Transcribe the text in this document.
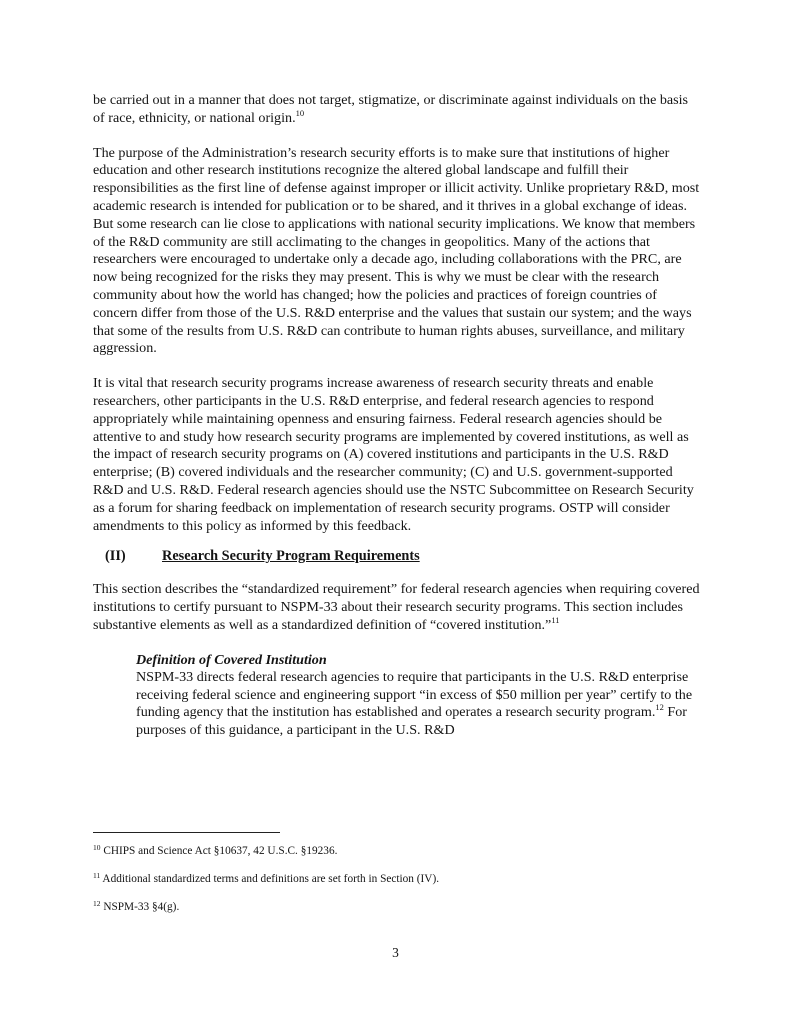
be carried out in a manner that does not target, stigmatize, or discriminate against individuals on the basis of race, ethnicity, or national origin.$^{10}$

The purpose of the Administration’s research security efforts is to make sure that institutions of higher education and other research institutions recognize the altered global landscape and fulfill their responsibilities as the first line of defense against improper or illicit activity. Unlike proprietary R&D, most academic research is intended for publication or to be shared, and it thrives in a global exchange of ideas. But some research can lie close to applications with national security implications. We know that members of the R&D community are still acclimating to the changes in geopolitics. Many of the actions that researchers were encouraged to undertake only a decade ago, including collaborations with the PRC, are now being recognized for the risks they may present. This is why we must be clear with the research community about how the world has changed; how the policies and practices of foreign countries of concern differ from those of the U.S. R&D enterprise and the values that sustain our system; and the ways that some of the results from U.S. R&D can contribute to human rights abuses, surveillance, and military aggression.

It is vital that research security programs increase awareness of research security threats and enable researchers, other participants in the U.S. R&D enterprise, and federal research agencies to respond appropriately while maintaining openness and ensuring fairness. Federal research agencies should be attentive to and study how research security programs are implemented by covered institutions, as well as the impact of research security programs on (A) covered institutions and participants in the U.S. R&D enterprise; (B) covered individuals and the researcher community; (C) and U.S. government-supported R&D and U.S. R&D. Federal research agencies should use the NSTC Subcommittee on Research Security as a forum for sharing feedback on implementation of research security programs. OSTP will consider amendments to this policy as informed by this feedback.

(II)	Research Security Program Requirements

This section describes the “standardized requirement” for federal research agencies when requiring covered institutions to certify pursuant to NSPM-33 about their research security programs. This section includes substantive elements as well as a standardized definition of “covered institution.”$^{11}$

Definition of Covered Institution

NSPM-33 directs federal research agencies to require that participants in the U.S. R&D enterprise receiving federal science and engineering support “in excess of $50 million per year” certify to the funding agency that the institution has established and operates a research security program.$^{12}$ For purposes of this guidance, a participant in the U.S. R&D

$^{10}$ CHIPS and Science Act §10637, 42 U.S.C. §19236.
$^{11}$ Additional standardized terms and definitions are set forth in Section (IV).
$^{12}$ NSPM-33 §4(g).
3
